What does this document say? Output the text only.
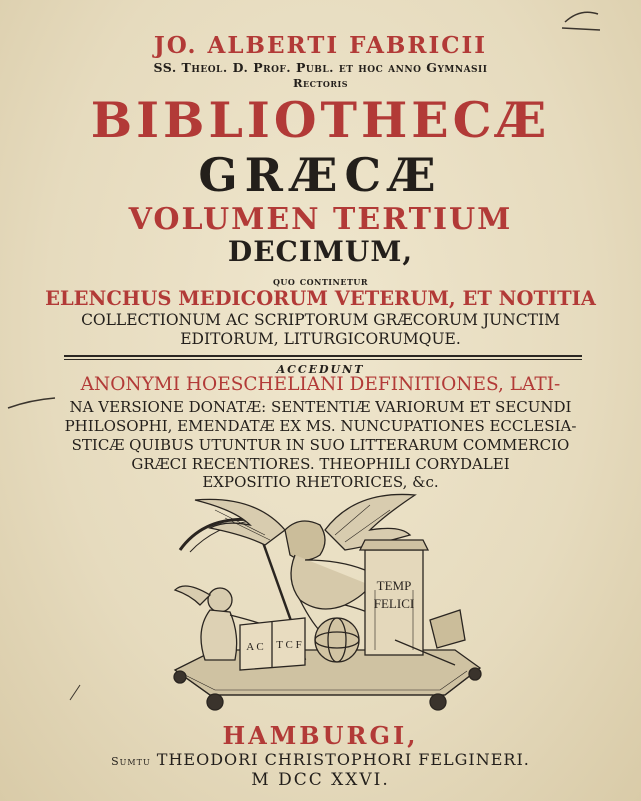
JO. ALBERTI FABRICII
SS. Theol. D. Prof. Publ. et hoc anno Gymnasii
Rectoris
BIBLIOTHECÆ
GRÆCÆ
VOLUMEN TERTIUM
DECIMUM,
quo continetur
ELENCHUS MEDICORUM VETERUM, ET NOTITIA
COLLECTIONUM AC SCRIPTORUM GRÆCORUM JUNCTIM
EDITORUM, LITURGICORUMQUE.
ACCEDUNT
ANONYMI HOESCHELIANI DEFINITIONES, LATI-
NA VERSIONE DONATÆ: SENTENTIÆ VARIORUM ET SECUNDI
PHILOSOPHI, EMENDATÆ EX MS. NUNCUPATIONES ECCLESIA-
STICÆ QUIBUS UTUNTUR IN SUO LITTERARUM COMMERCIO
GRÆCI RECENTIORES. THEOPHILI CORYDALEI
EXPOSITIO RHETORICES, &c.
TEMP
FELICI
A C T C F
HAMBURGI,
Sumtu THEODORI CHRISTOPHORI FELGINERI.
M DCC XXVI.
